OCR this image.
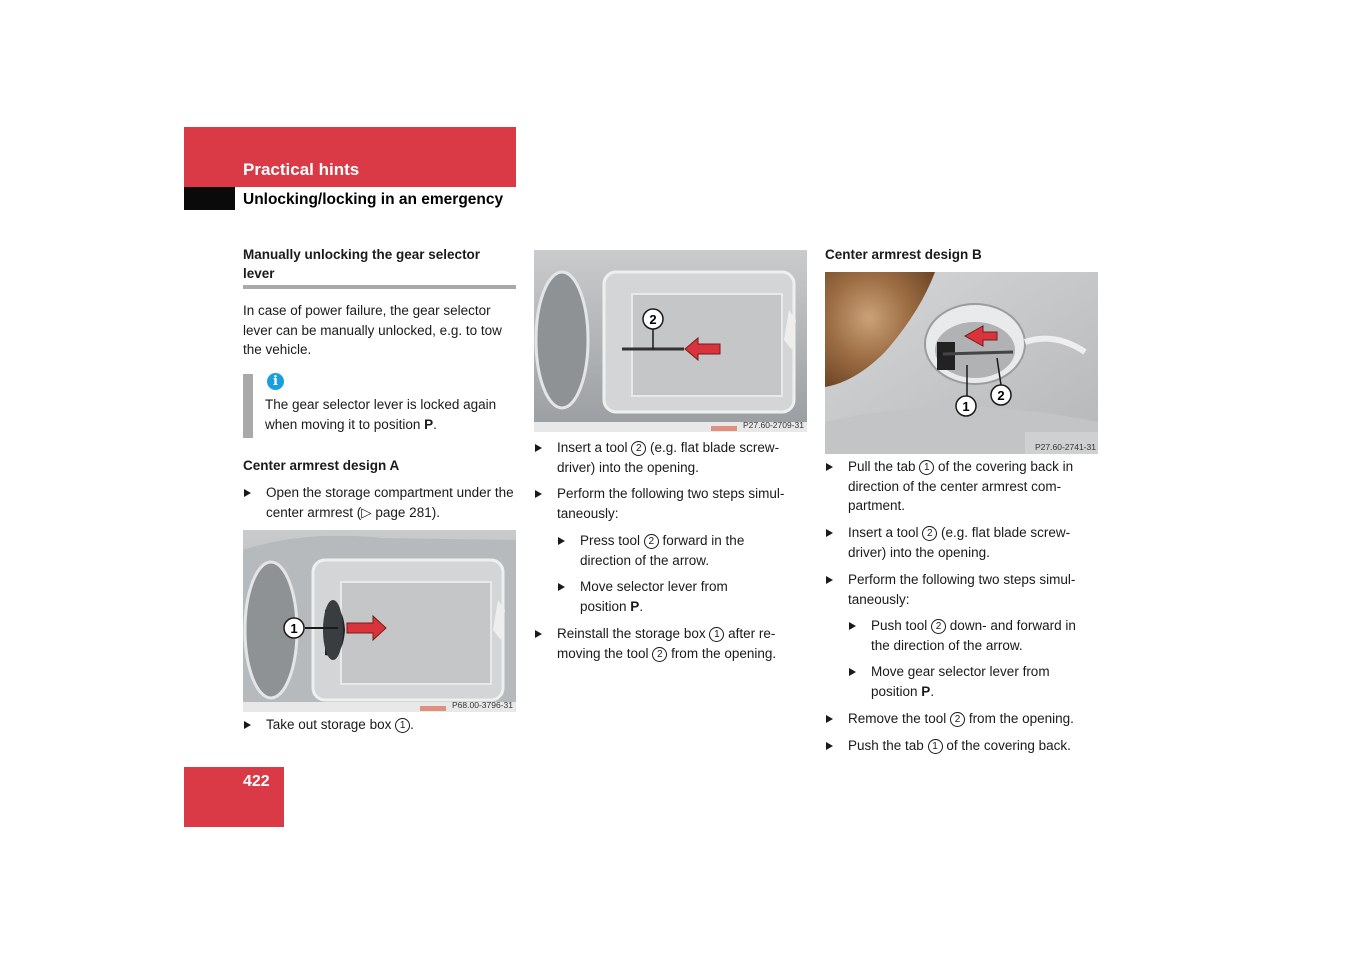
Practical hints
Unlocking/locking in an emergency
Manually unlocking the gear selector lever
In case of power failure, the gear selector lever can be manually unlocked, e.g. to tow the vehicle.
i
The gear selector lever is locked again when moving it to position P.
Center armrest design A
Open the storage compartment under the center armrest (▷ page 281).
1
P68.00-3796-31
Take out storage box 1 .
2
P27.60-2709-31
Insert a tool 2 (e.g. flat blade screw-
driver) into the opening.
Perform the following two steps simul-
taneously:
Press tool 2 forward in the
direction of the arrow.
Move selector lever from
position P.
Reinstall the storage box 1 after re-
moving the tool 2 from the opening.
Center armrest design B
1
2
P27.60-2741-31
Pull the tab 1 of the covering back in
direction of the center armrest com-
partment.
Insert a tool 2 (e.g. flat blade screw-
driver) into the opening.
Perform the following two steps simul-
taneously:
Push tool 2 down- and forward in
the direction of the arrow.
Move gear selector lever from
position P.
Remove the tool 2 from the opening.
Push the tab 1 of the covering back.
422
